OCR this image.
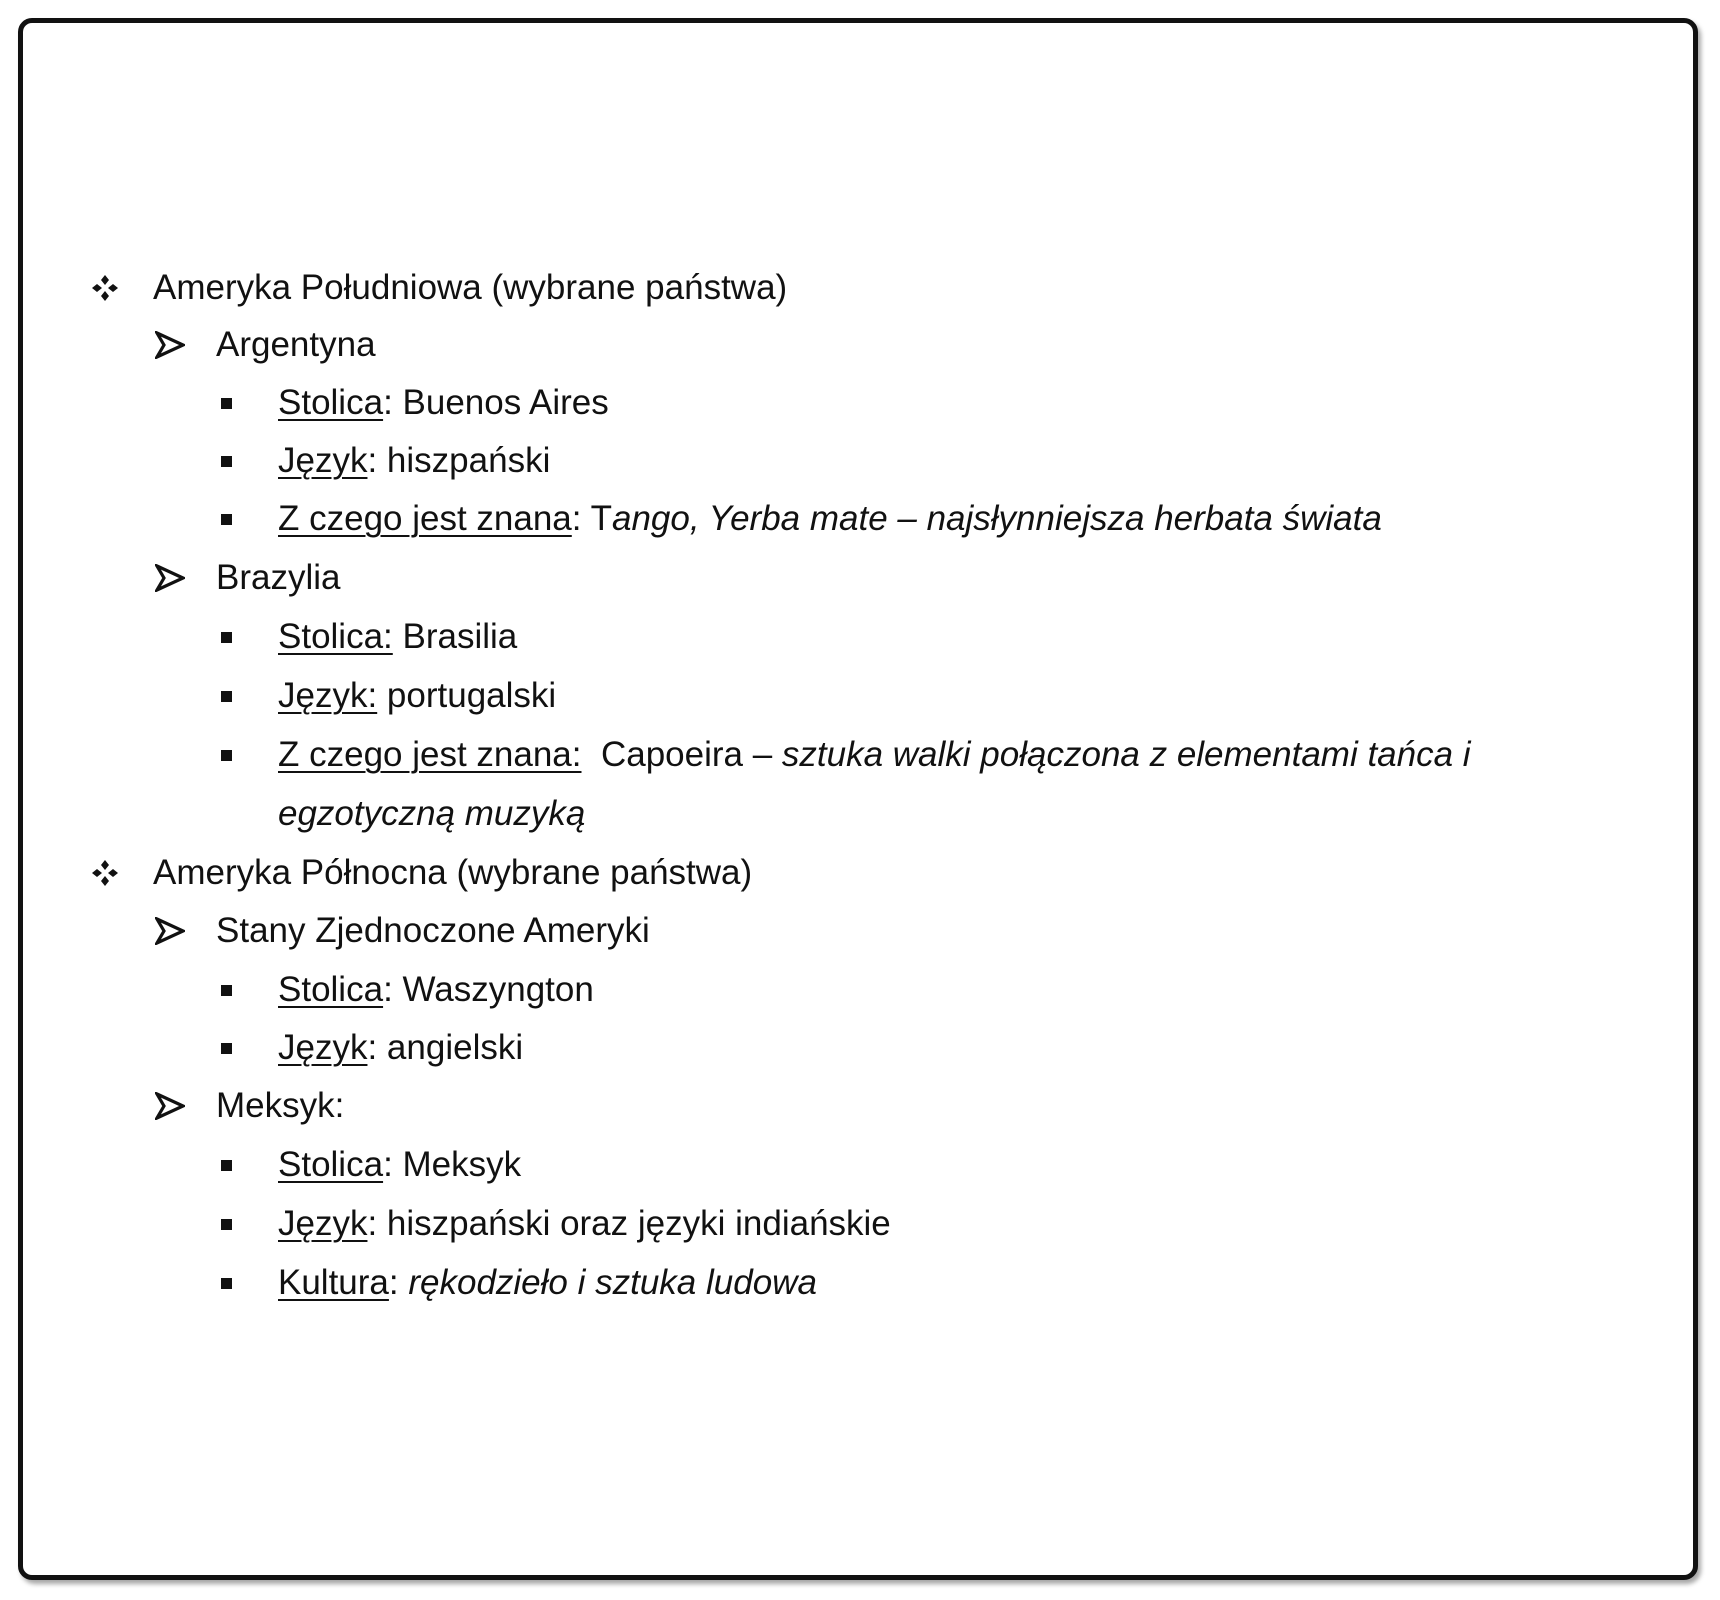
Ameryka Południowa (wybrane państwa)
Argentyna
Stolica: Buenos Aires
Język: hiszpański
Z czego jest znana: Tango, Yerba mate – najsłynniejsza herbata świata
Brazylia
Stolica: Brasilia
Język: portugalski
Z czego jest znana:  Capoeira – sztuka walki połączona z elementami tańca i
egzotyczną muzyką
Ameryka Północna (wybrane państwa)
Stany Zjednoczone Ameryki
Stolica: Waszyngton
Język: angielski
Meksyk:
Stolica: Meksyk
Język: hiszpański oraz języki indiańskie
Kultura: rękodzieło i sztuka ludowa
